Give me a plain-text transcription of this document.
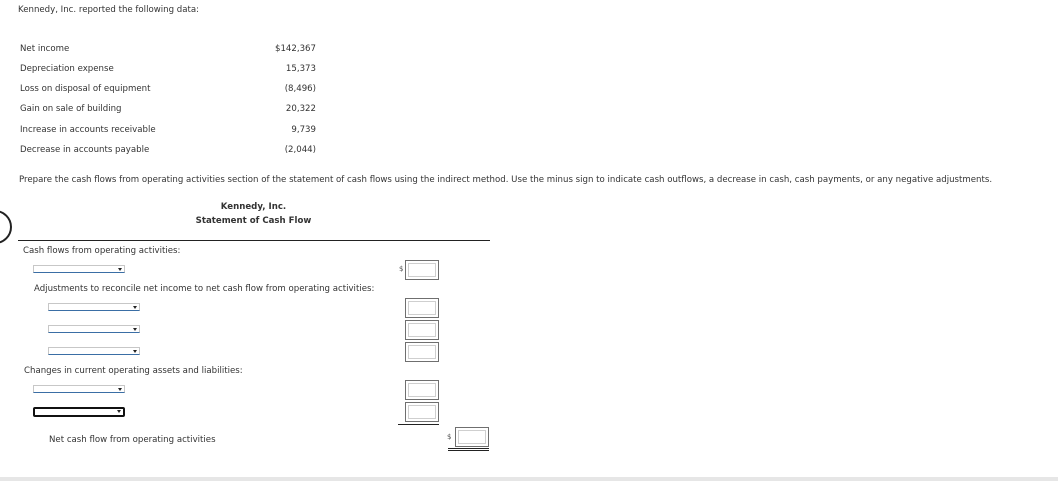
Kennedy, Inc. reported the following data:
Net income	$142,367
Depreciation expense	15,373
Loss on disposal of equipment	(8,496)
Gain on sale of building	20,322
Increase in accounts receivable	9,739
Decrease in accounts payable	(2,044)
Prepare the cash flows from operating activities section of the statement of cash flows using the indirect method. Use the minus sign to indicate cash outflows, a decrease in cash, cash payments, or any negative adjustments.
Kennedy, Inc.
Statement of Cash Flow
Cash flows from operating activities:
$
Adjustments to reconcile net income to net cash flow from operating activities:
Changes in current operating assets and liabilities:
Net cash flow from operating activities	$
